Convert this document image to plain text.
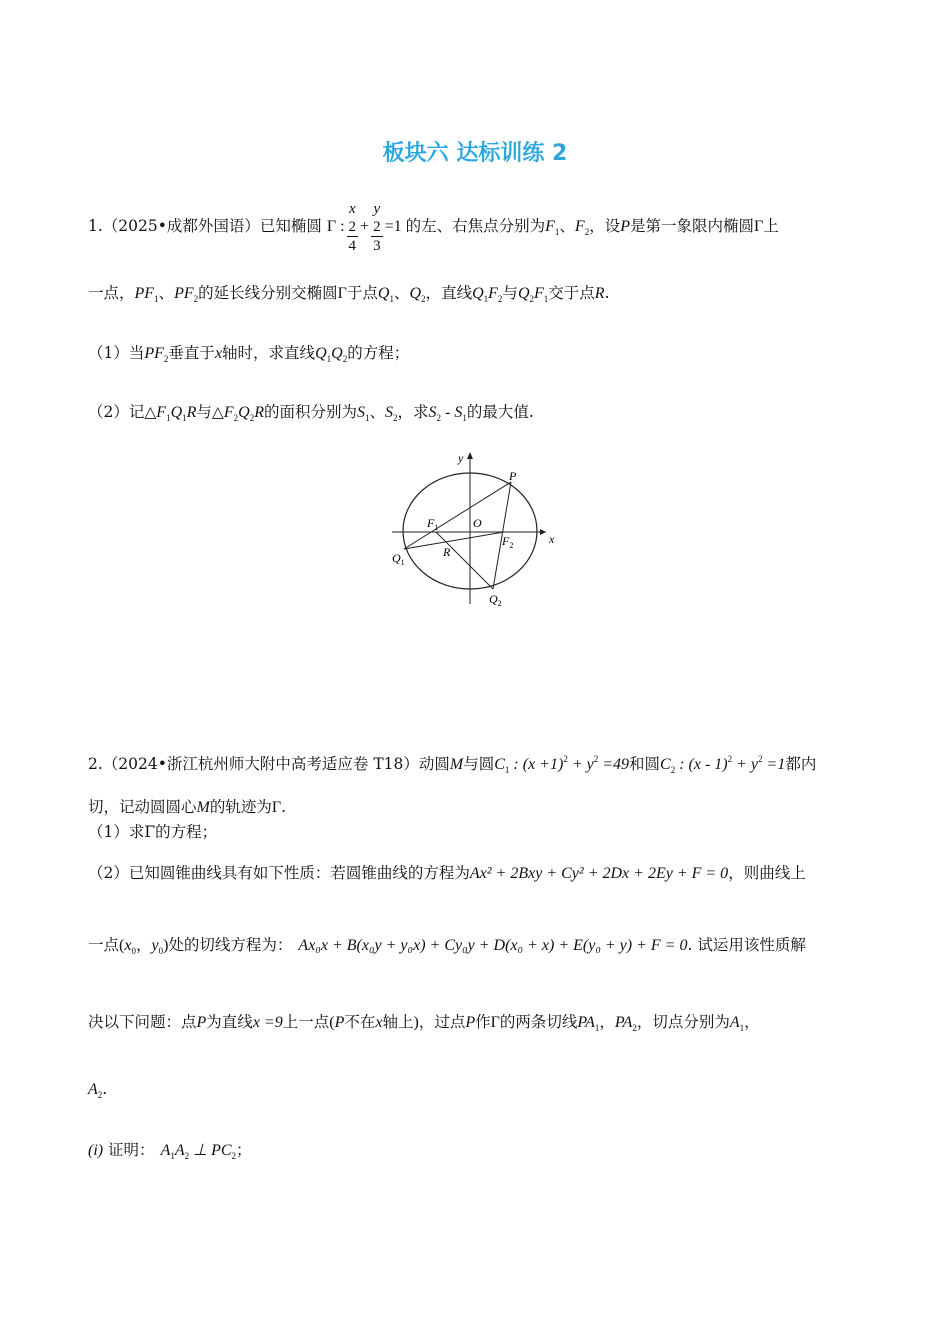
板块六 达标训练 2
1.（2025•成都外国语）已知椭圆 Γ : x
2
4 + y
2
3 =1 的左、右焦点分别为$F_1$、$F_2$，设P是第一象限内椭圆Γ上
一点，$PF_1$、$PF_2$的延长线分别交椭圆Γ于点$Q_1$、$Q_2$，直线$Q_1F_2$与$Q_2F_1$交于点R.
（1）当$PF_2$垂直于x轴时，求直线$Q_1Q_2$的方程；
（2）记$\triangle F_1Q_1R$与$\triangle F_2Q_2R$的面积分别为$S_1$、$S_2$，求$S_2 - S_1$的最大值.
y
x
P
$F_1$	O
$F_2$
$Q_1$
R
$Q_2$
2.（2024•浙江杭州师大附中高考适应卷 T18）动圆M与圆$C_1$ : $(x +1)^2 + y^2 =49$和圆$C_2$ : $(x - 1)^2 + y^2 =1$都内
切，记动圆圆心M的轨迹为Γ.
（1）求Γ的方程；
（2）已知圆锥曲线具有如下性质：若圆锥曲线的方程为Ax² + 2Bxy + Cy² + 2Dx + 2Ey + F = 0，则曲线上
一点($x_0$，$y_0$)处的切线方程为： Ax₀x + B(x₀y + y₀x) + Cy₀y + D(x₀ + x) + E(y₀ + y) + F = 0. 试运用该性质解
决以下问题：点P为直线x =9上一点(P不在x轴上)，过点P作Γ的两条切线$PA_1$，$PA_2$，切点分别为$A_1$，
$A_2$.
(i) 证明： $A_1A_2$ ⊥ $PC_2$；
